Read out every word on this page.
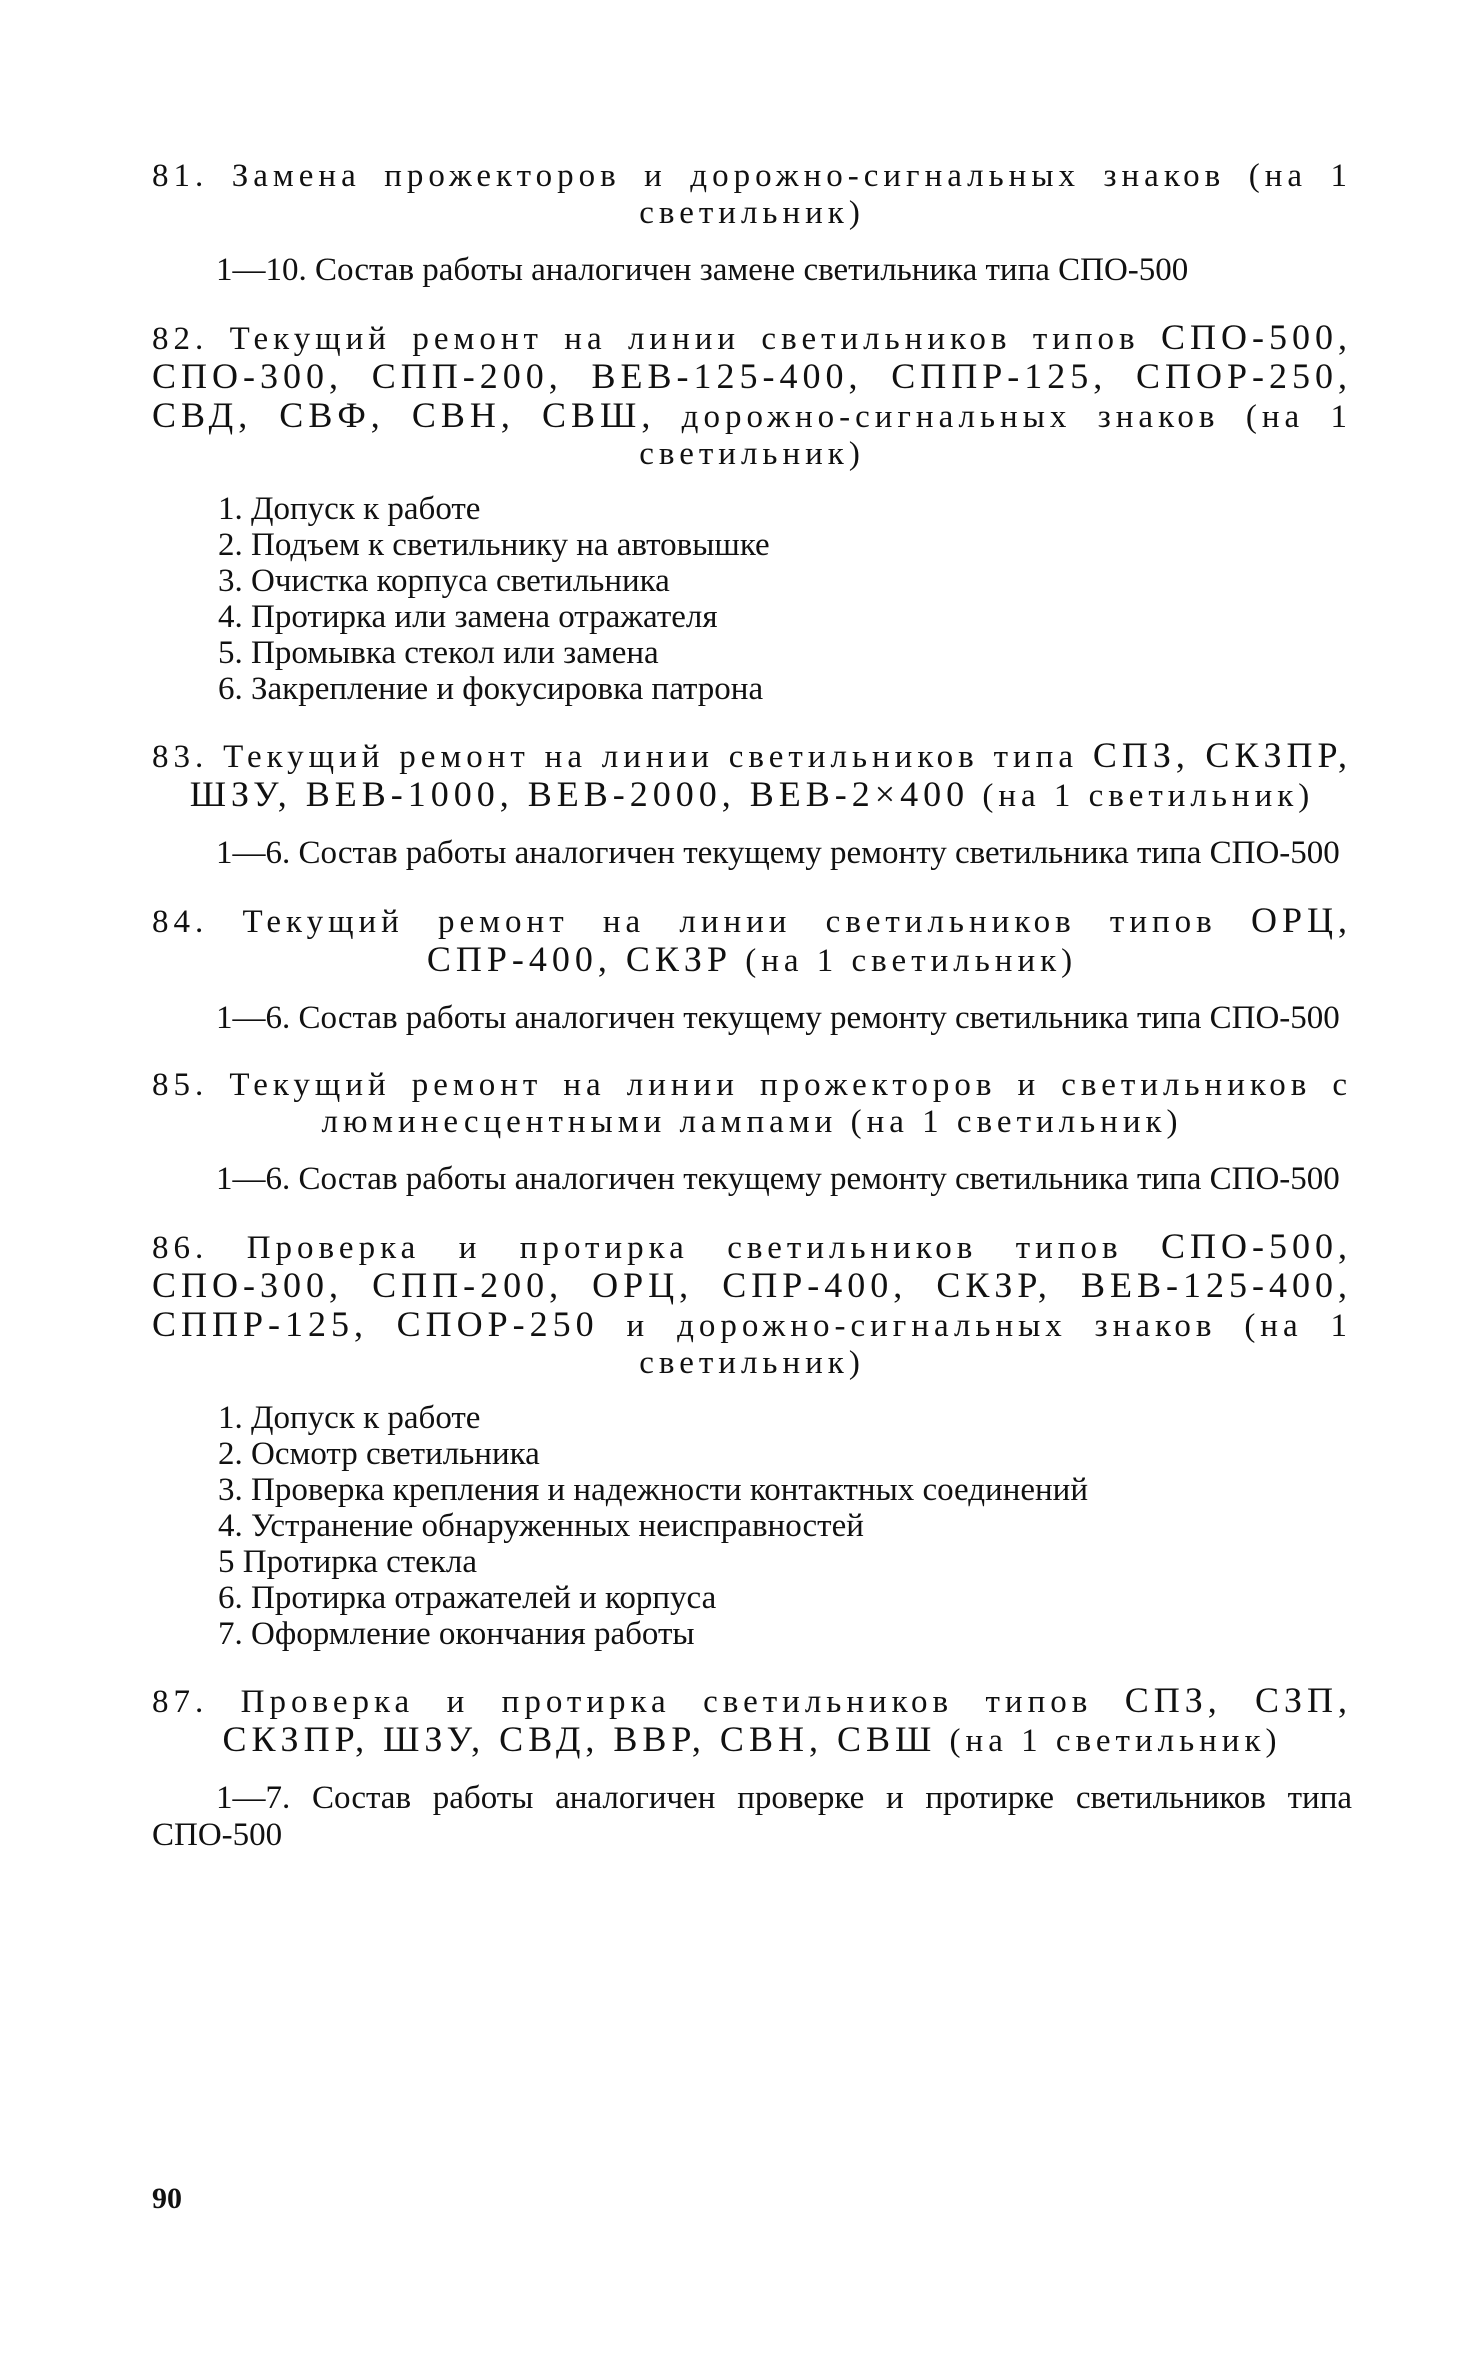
81. Замена прожекторов и дорожно-сигнальных знаков (на 1 светильник)
1—10. Состав работы аналогичен замене светильника типа СПО-500
82. Текущий ремонт на линии светильников типов СПО-500, СПО-300, СПП-200, ВЕВ-125-400, СППР-125, СПОР-250, СВД, СВФ, СВН, СВШ, дорожно-сигнальных знаков (на 1 светильник)
1. Допуск к работе
2. Подъем к светильнику на автовышке
3. Очистка корпуса светильника
4. Протирка или замена отражателя
5. Промывка стекол или замена
6. Закрепление и фокусировка патрона
83. Текущий ремонт на линии светильников типа СПЗ, СКЗПР, ШЗУ, ВЕВ-1000, ВЕВ-2000, ВЕВ-2×400 (на 1 светильник)
1—6. Состав работы аналогичен текущему ремонту светильника типа СПО-500
84. Текущий ремонт на линии светильников типов ОРЦ, СПР-400, СКЗР (на 1 светильник)
1—6. Состав работы аналогичен текущему ремонту светильника типа СПО-500
85. Текущий ремонт на линии прожекторов и светильников с люминесцентными лампами (на 1 светильник)
1—6. Состав работы аналогичен текущему ремонту светильника типа СПО-500
86. Проверка и протирка светильников типов СПО-500, СПО-300, СПП-200, ОРЦ, СПР-400, СКЗР, ВЕВ-125-400, СППР-125, СПОР-250 и дорожно-сигнальных знаков (на 1 светильник)
1. Допуск к работе
2. Осмотр светильника
3. Проверка крепления и надежности контактных соединений
4. Устранение обнаруженных неисправностей
5 Протирка стекла
6. Протирка отражателей и корпуса
7. Оформление окончания работы
87. Проверка и протирка светильников типов СПЗ, СЗП, СКЗПР, ШЗУ, СВД, ВВР, СВН, СВШ (на 1 светильник)
1—7. Состав работы аналогичен проверке и протирке светильников типа СПО-500
90
